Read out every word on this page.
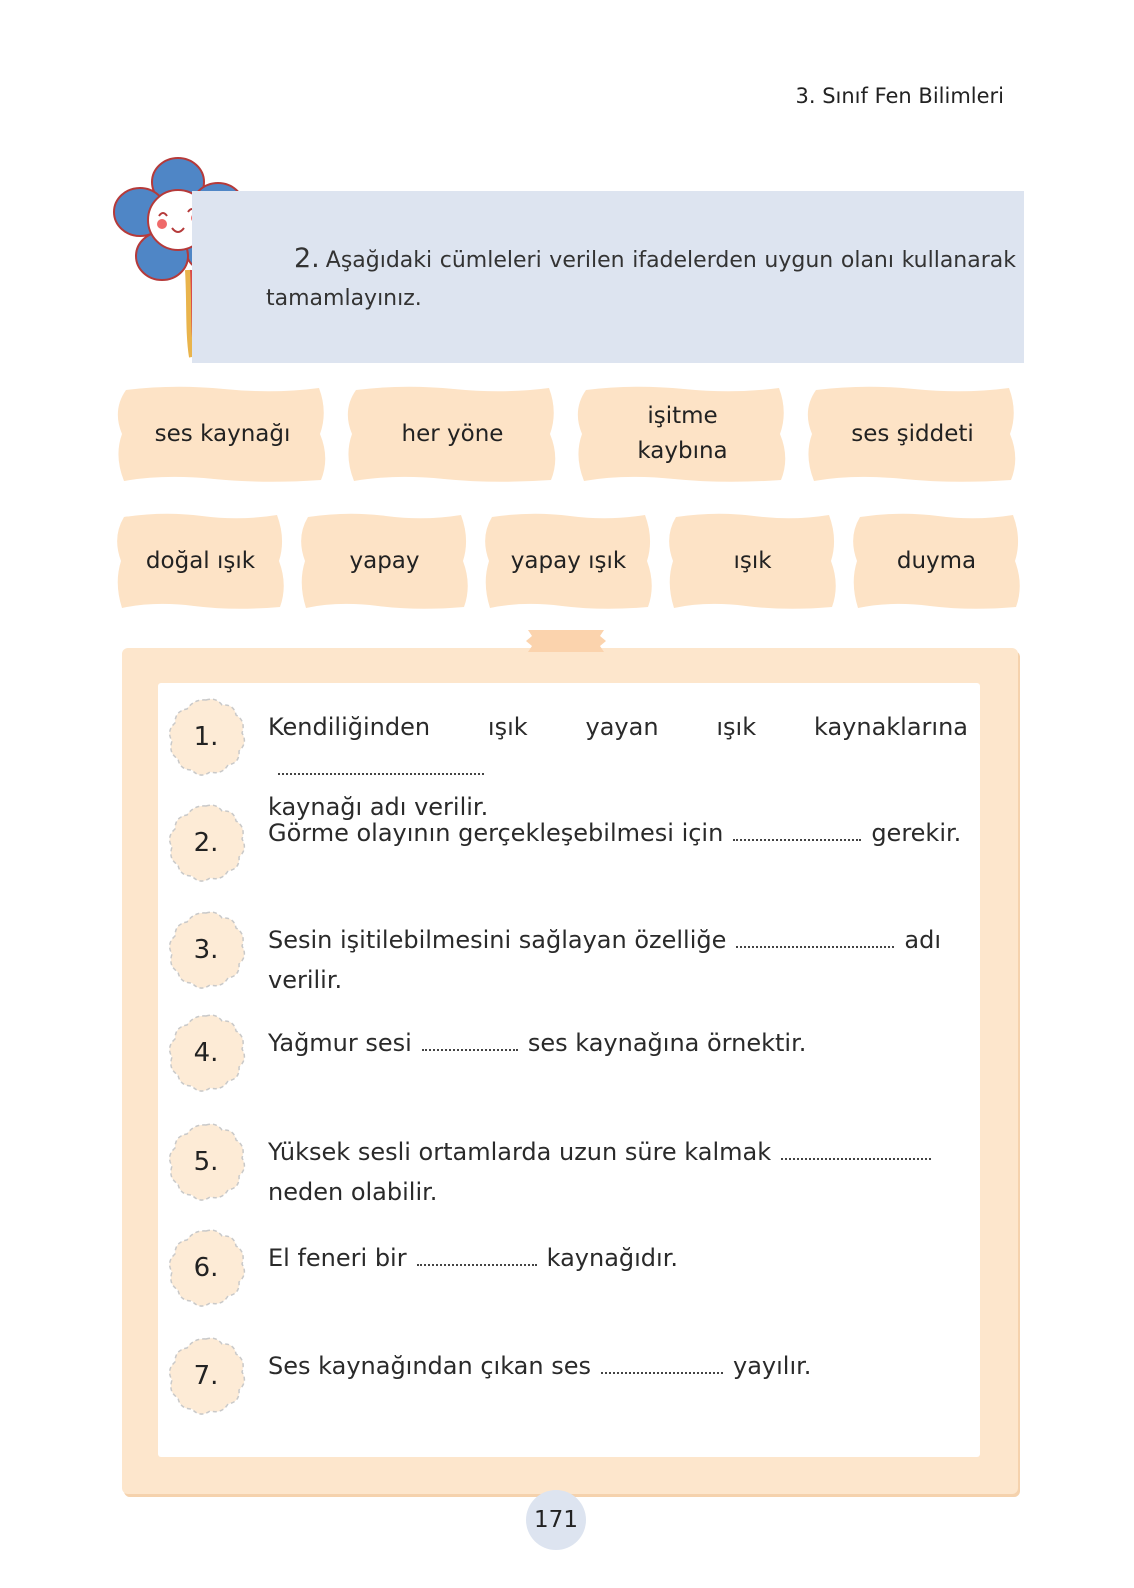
3. Sınıf Fen Bilimleri
2. Aşağıdaki cümleleri verilen ifadelerden uygun olanı kullanarak tamamlayınız.
ses kaynağı	her yöne
işitme kaybına
ses şiddeti
doğal ışık	yapay	yapay ışık	ışık	duyma
1.	Kendiliğinden ışık yayan ışık kaynaklarına
kaynağı adı verilir.
2.	Görme olayının gerçekleşebilmesi için	gerekir.
3.	Sesin işitilebilmesini sağlayan özelliğe	adı verilir.
4.	Yağmur sesi	ses kaynağına örnektir.
5.	Yüksek sesli ortamlarda uzun süre kalmak
neden olabilir.
6.	El feneri bir	kaynağıdır.
7.	Ses kaynağından çıkan ses	yayılır.
171
